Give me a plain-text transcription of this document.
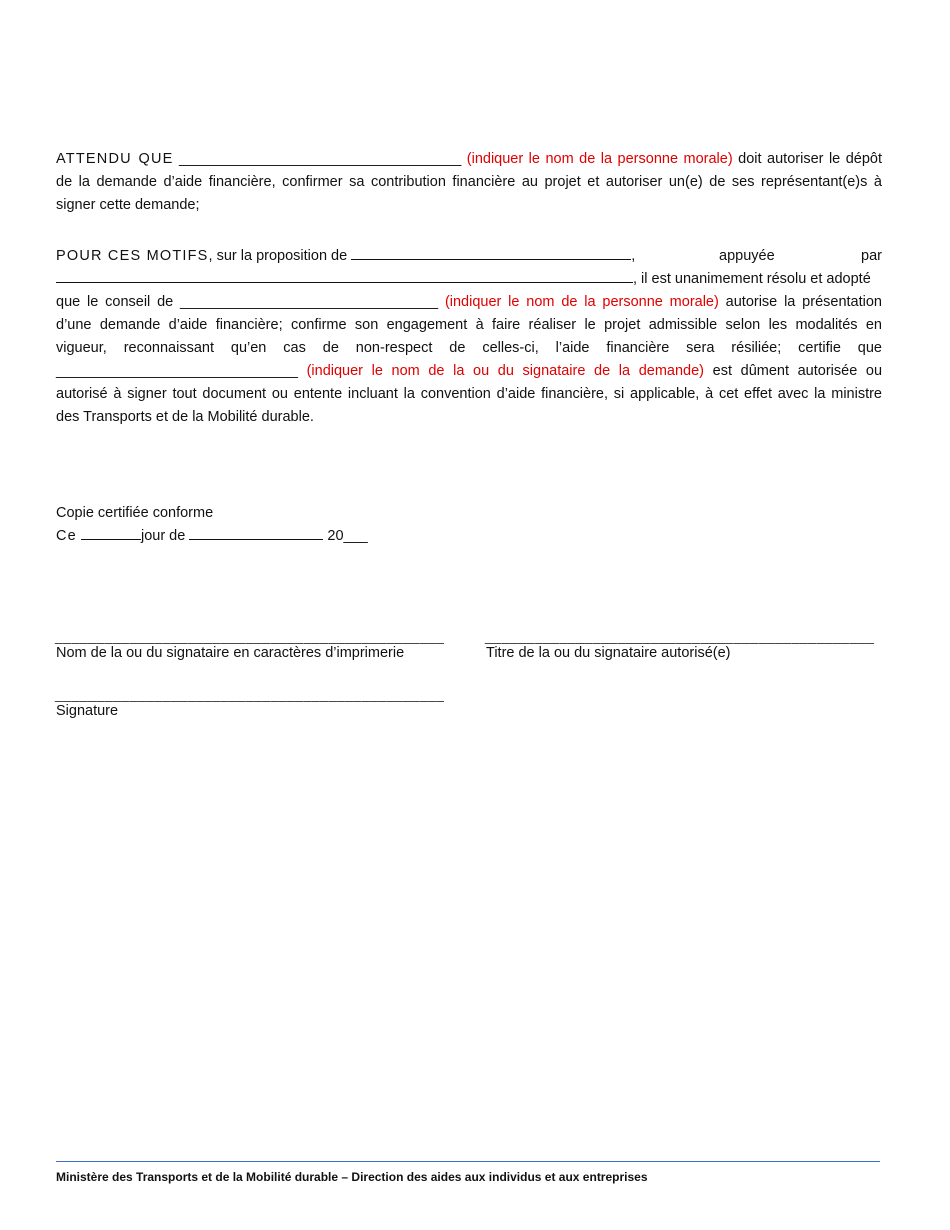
ATTENDU QUE ___________________________________ (indiquer le nom de la personne morale) doit autoriser le dépôt
de la demande d’aide financière, confirmer sa contribution financière au projet et autoriser un(e) de ses représentant(e)s à
signer cette demande;
POUR CES MOTIFS, sur la proposition de	,	appuyée	par
, il est unanimement résolu et adopté
que le conseil de ________________________________ (indiquer le nom de la personne morale) autorise la présentation
d’une demande d’aide financière; confirme son engagement à faire réaliser le projet admissible selon les modalités en
vigueur, reconnaissant qu’en cas de non-respect de celles-ci, l’aide financière sera résiliée; certifie que
______________________________ (indiquer le nom de la ou du signataire de la demande) est dûment autorisée ou
autorisé à signer tout document ou entente incluant la convention d’aide financière, si applicable, à cet effet avec la ministre
des Transports et de la Mobilité durable.
Copie certifiée conforme
Ce	jour de	20___
_______________________________________________
Nom de la ou du signataire en caractères d’imprimerie
_______________________________________________
Titre de la ou du signataire autorisé(e)
_______________________________________________
Signature
Ministère des Transports et de la Mobilité durable – Direction des aides aux individus et aux entreprises
